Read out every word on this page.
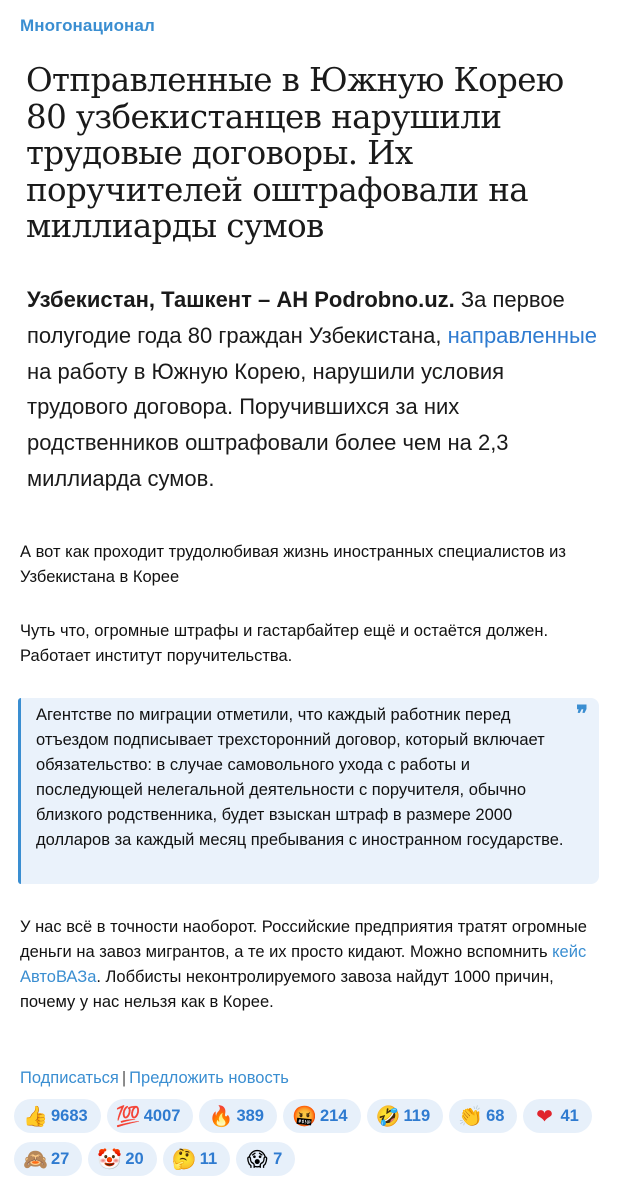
Многонационал
Отправленные в Южную Корею 80 узбекистанцев нарушили трудовые договоры. Их поручителей оштрафовали на миллиарды сумов
Узбекистан, Ташкент – АН Podrobno.uz. За первое полугодие года 80 граждан Узбекистана, направленные на работу в Южную Корею, нарушили условия трудового договора. Поручившихся за них родственников оштрафовали более чем на 2,3 миллиарда сумов.
А вот как проходит трудолюбивая жизнь иностранных специалистов из Узбекистана в Корее
Чуть что, огромные штрафы и гастарбайтер ещё и остаётся должен. Работает институт поручительства.
❞
Агентстве по миграции отметили, что каждый работник перед отъездом подписывает трехсторонний договор, который включает обязательство: в случае самовольного ухода с работы и последующей нелегальной деятельности с поручителя, обычно близкого родственника, будет взыскан штраф в размере 2000 долларов за каждый месяц пребывания с иностранном государстве.
У нас всё в точности наоборот. Российские предприятия тратят огромные деньги на завоз мигрантов, а те их просто кидают. Можно вспомнить кейс АвтоВАЗа. Лоббисты неконтролируемого завоза найдут 1000 причин, почему у нас нельзя как в Корее.
Подписаться | Предложить новость
👍 9683 💯 4007 🔥 389 🤬 214 🤣 119 👏 68 ❤ 41
🙈 27 🤡 20 🤔 11 😱 7
